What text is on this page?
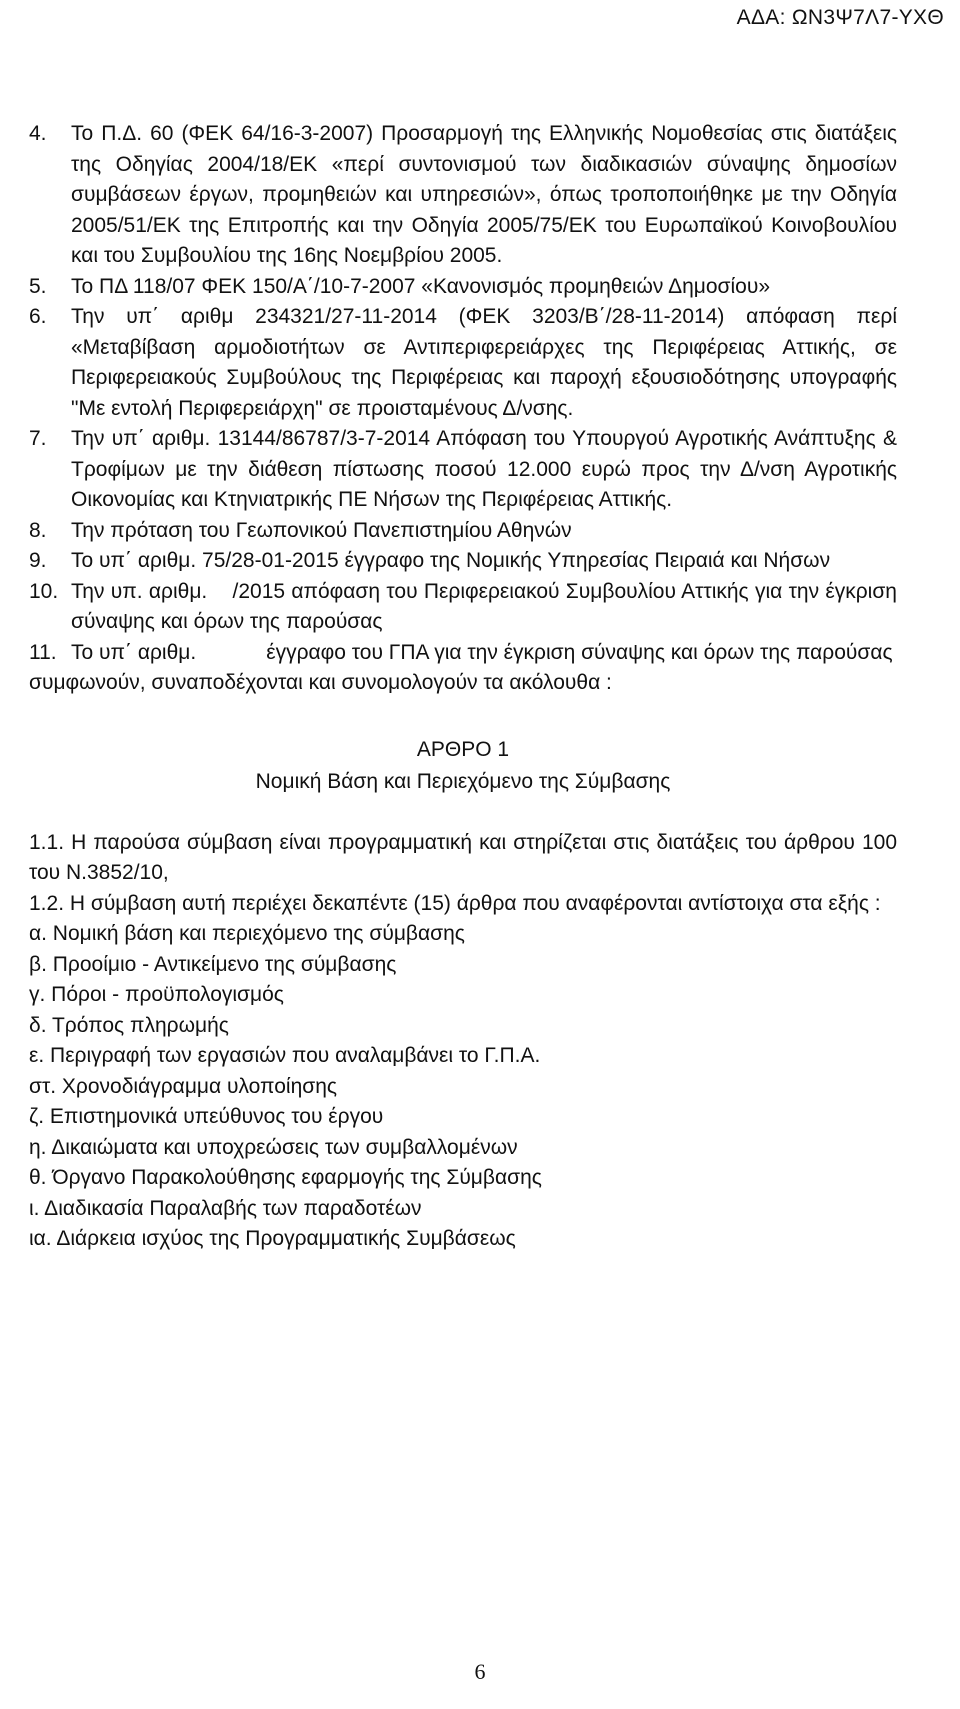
ΑΔΑ: ΩΝ3Ψ7Λ7-ΥΧΘ
4. Το Π.Δ. 60 (ΦΕΚ 64/16-3-2007) Προσαρμογή της Ελληνικής Νομοθεσίας στις διατάξεις της Οδηγίας 2004/18/ΕΚ «περί συντονισμού των διαδικασιών σύναψης δημοσίων συμβάσεων έργων, προμηθειών και υπηρεσιών», όπως τροποποιήθηκε με την Οδηγία 2005/51/ΕΚ της Επιτροπής και την Οδηγία 2005/75/ΕΚ του Ευρωπαϊκού Κοινοβουλίου και του Συμβουλίου της 16ης Νοεμβρίου 2005.
5. Το ΠΔ 118/07 ΦΕΚ 150/Α΄/10-7-2007 «Κανονισμός προμηθειών Δημοσίου»
6. Την υπ΄ αριθμ 234321/27-11-2014 (ΦΕΚ 3203/Β΄/28-11-2014) απόφαση περί «Μεταβίβαση αρμοδιοτήτων σε Αντιπεριφερειάρχες της Περιφέρειας Αττικής, σε Περιφερειακούς Συμβούλους της Περιφέρειας και παροχή εξουσιοδότησης υπογραφής "Με εντολή Περιφερειάρχη" σε προισταμένους Δ/νσης.
7. Την υπ΄ αριθμ. 13144/86787/3-7-2014 Απόφαση του Υπουργού Αγροτικής Ανάπτυξης & Τροφίμων με την διάθεση πίστωσης ποσού 12.000 ευρώ προς την Δ/νση Αγροτικής Οικονομίας και Κτηνιατρικής ΠΕ Νήσων της Περιφέρειας Αττικής.
8. Την πρόταση του Γεωπονικού Πανεπιστημίου Αθηνών
9. Το υπ΄ αριθμ. 75/28-01-2015 έγγραφο της Νομικής Υπηρεσίας Πειραιά και Νήσων
10. Την υπ. αριθμ.    /2015 απόφαση του Περιφερειακού Συμβουλίου Αττικής για την έγκριση σύναψης και όρων της παρούσας
11. Το υπ΄ αριθμ.            έγγραφο του ΓΠΑ για την έγκριση σύναψης και όρων της παρούσας
συμφωνούν, συναποδέχονται και συνομολογούν τα ακόλουθα :
ΑΡΘΡΟ 1
Νομική Βάση και Περιεχόμενο της Σύμβασης
1.1. Η παρούσα σύμβαση είναι προγραμματική και στηρίζεται στις διατάξεις του άρθρου 100 του Ν.3852/10,
1.2. Η σύμβαση αυτή περιέχει δεκαπέντε (15) άρθρα που αναφέρονται αντίστοιχα στα εξής :
α. Νομική βάση και περιεχόμενο της σύμβασης
β. Προοίμιο - Αντικείμενο της σύμβασης
γ. Πόροι - προϋπολογισμός
δ. Τρόπος πληρωμής
ε. Περιγραφή των εργασιών που αναλαμβάνει το Γ.Π.Α.
στ. Χρονοδιάγραμμα υλοποίησης
ζ. Επιστημονικά υπεύθυνος του έργου
η. Δικαιώματα και υποχρεώσεις των συμβαλλομένων
θ. Όργανο Παρακολούθησης εφαρμογής της Σύμβασης
ι. Διαδικασία Παραλαβής των παραδοτέων
ια. Διάρκεια ισχύος της Προγραμματικής Συμβάσεως
6
